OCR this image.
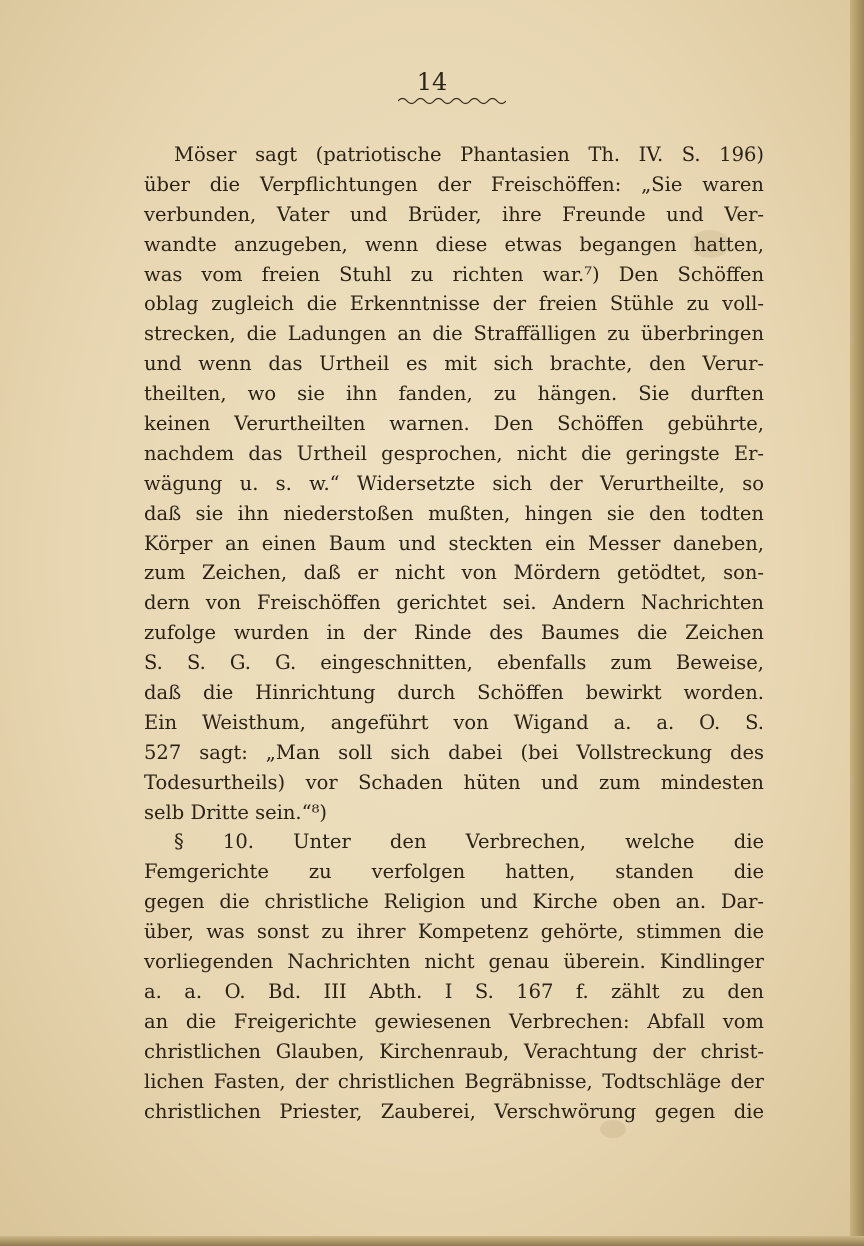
14
Möser sagt (patriotische Phantasien Th. IV. S. 196)
über die Verpflichtungen der Freischöffen: „Sie waren
verbunden, Vater und Brüder, ihre Freunde und Ver-
wandte anzugeben, wenn diese etwas begangen hatten,
was vom freien Stuhl zu richten war.⁷) Den Schöffen
oblag zugleich die Erkenntnisse der freien Stühle zu voll-
strecken, die Ladungen an die Straffälligen zu überbringen
und wenn das Urtheil es mit sich brachte, den Verur-
theilten, wo sie ihn fanden, zu hängen. Sie durften
keinen Verurtheilten warnen. Den Schöffen gebührte,
nachdem das Urtheil gesprochen, nicht die geringste Er-
wägung u. s. w.“ Widersetzte sich der Verurtheilte, so
daß sie ihn niederstoßen mußten, hingen sie den todten
Körper an einen Baum und steckten ein Messer daneben,
zum Zeichen, daß er nicht von Mördern getödtet, son-
dern von Freischöffen gerichtet sei. Andern Nachrichten
zufolge wurden in der Rinde des Baumes die Zeichen
S. S. G. G. eingeschnitten, ebenfalls zum Beweise,
daß die Hinrichtung durch Schöffen bewirkt worden.
Ein Weisthum, angeführt von Wigand a. a. O. S.
527 sagt: „Man soll sich dabei (bei Vollstreckung des
Todesurtheils) vor Schaden hüten und zum mindesten
selb Dritte sein.“⁸)
§ 10. Unter den Verbrechen, welche die
Femgerichte zu verfolgen hatten, standen die
gegen die christliche Religion und Kirche oben an. Dar-
über, was sonst zu ihrer Kompetenz gehörte, stimmen die
vorliegenden Nachrichten nicht genau überein. Kindlinger
a. a. O. Bd. III Abth. I S. 167 f. zählt zu den
an die Freigerichte gewiesenen Verbrechen: Abfall vom
christlichen Glauben, Kirchenraub, Verachtung der christ-
lichen Fasten, der christlichen Begräbnisse, Todtschläge der
christlichen Priester, Zauberei, Verschwörung gegen die
